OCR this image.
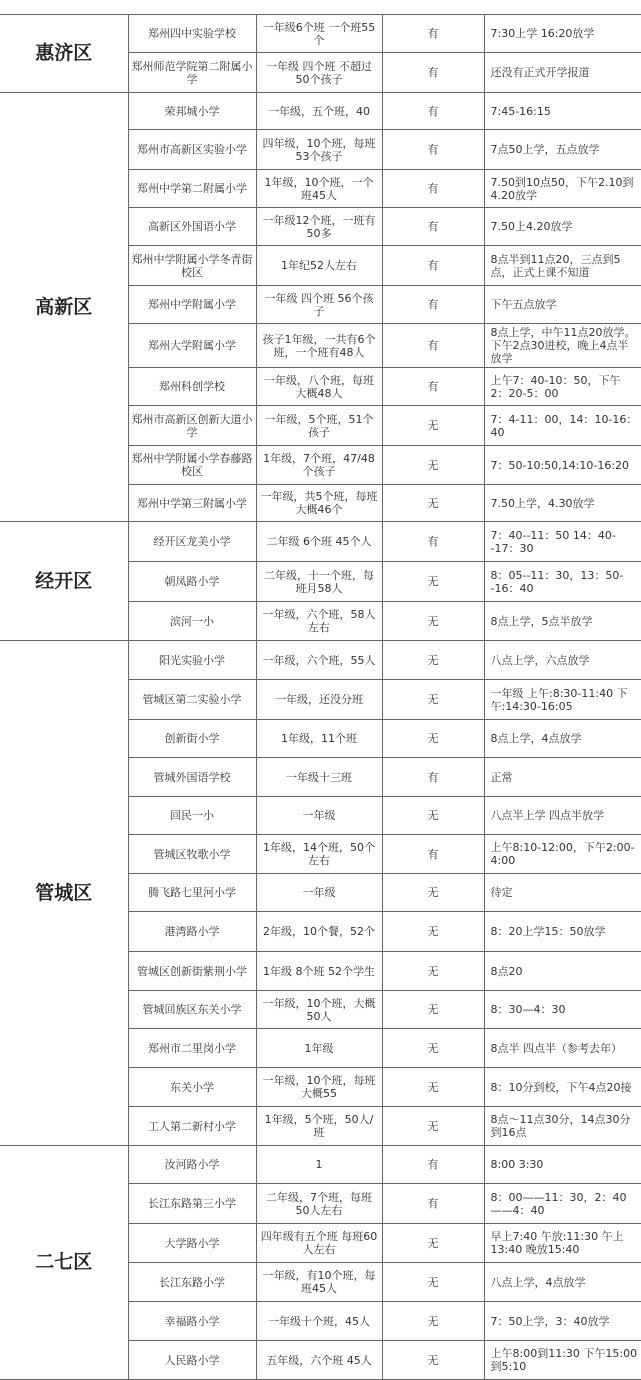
惠济区	郑州四中实验学校	一年级6个班 一个班55个	有	7:30上学 16:20放学
	郑州师范学院第二附属小学	一年级 四个班 不超过50个孩子	有	还没有正式开学报道
高新区	荣邦城小学	一年级，五个班，40	有	7:45-16:15
	郑州市高新区实验小学	四年级，10个班，每班53个孩子	有	7点50上学，五点放学
	郑州中学第二附属小学	1年级，10个班，一个班45人	有	7.50到10点50，下午2.10到4.20放学
	高新区外国语小学	一年级12个班，一班有50多	有	7.50上4.20放学
	郑州中学附属小学冬青街校区	1年纪52人左右	有	8点半到11点20，三点到5点，正式上课不知道
	郑州中学附属小学	一年级 四个班 56个孩子	有	下午五点放学
	郑州大学附属小学	孩子1年级，一共有6个班，一个班有48人	有	8点上学，中午11点20放学。下午2点30进校，晚上4点半放学
	郑州科创学校	一年级，八个班，每班大概48人	有	上午7：40-10：50，下午2：20-5：00
	郑州市高新区创新大道小学	一年级，5个班，51个孩子	无	7：4-11：00，14：10-16：40
	郑州中学附属小学春藤路校区	1年级，7个班，47/48个孩子	无	7：50-10:50,14:10-16:20
	郑州中学第三附属小学	一年级，共5个班，每班大概46个	无	7.50上学，4.30放学
经开区	经开区龙美小学	二年级 6个班 45个人	有	7：40--11：50 14：40--17：30
	朝凤路小学	二年级，十一个班，每班月58人	无	8：05--11：30，13：50--16：40
	滨河一小	一年级，六个班，58人左右	无	8点上学，5点半放学
管城区	阳光实验小学	一年级，六个班，55人	无	八点上学，六点放学
	管城区第二实验小学	一年级，还没分班	无	一年级 上午:8:30-11:40 下午:14:30-16:05
	创新街小学	1年级，11个班	无	8点上学，4点放学
	管城外国语学校	一年级十三班	有	正常
	回民一小	一年级	无	八点半上学 四点半放学
	管城区牧歌小学	1年级，14个班，50个左右	有	上午8:10-12:00，下午2:00-4:00
	腾飞路七里河小学	一年级	无	待定
	港湾路小学	2年级，10个餐，52个	无	8：20上学15：50放学
	管城区创新街紫荆小学	1年级 8个班 52个学生	无	8点20
	管城回族区东关小学	一年级，10个班，大概50人	无	8：30—4：30
	郑州市二里岗小学	1年级	无	8点半 四点半（参考去年）
	东关小学	一年级，10个班，每班大概55	无	8：10分到校，下午4点20接
	工人第二新村小学	1年级，5个班，50人/班	无	8点～11点30分，14点30分到16点
二七区	汝河路小学	1	有	8:00 3:30
	长江东路第三小学	二年级，7个班，每班50人左右	有	8：00——11：30，2：40——4：40
	大学路小学	四年级有五个班 每班60人左右	无	早上7:40 午放:11:30 午上13:40 晚放15:40
	长江东路小学	一年级，有10个班，每班45人	无	八点上学，4点放学
	幸福路小学	一年级十个班，45人	无	7：50上学，3：40放学
	人民路小学	五年级，六个班 45人	无	上午8:00到11:30 下午15:00到5:10
